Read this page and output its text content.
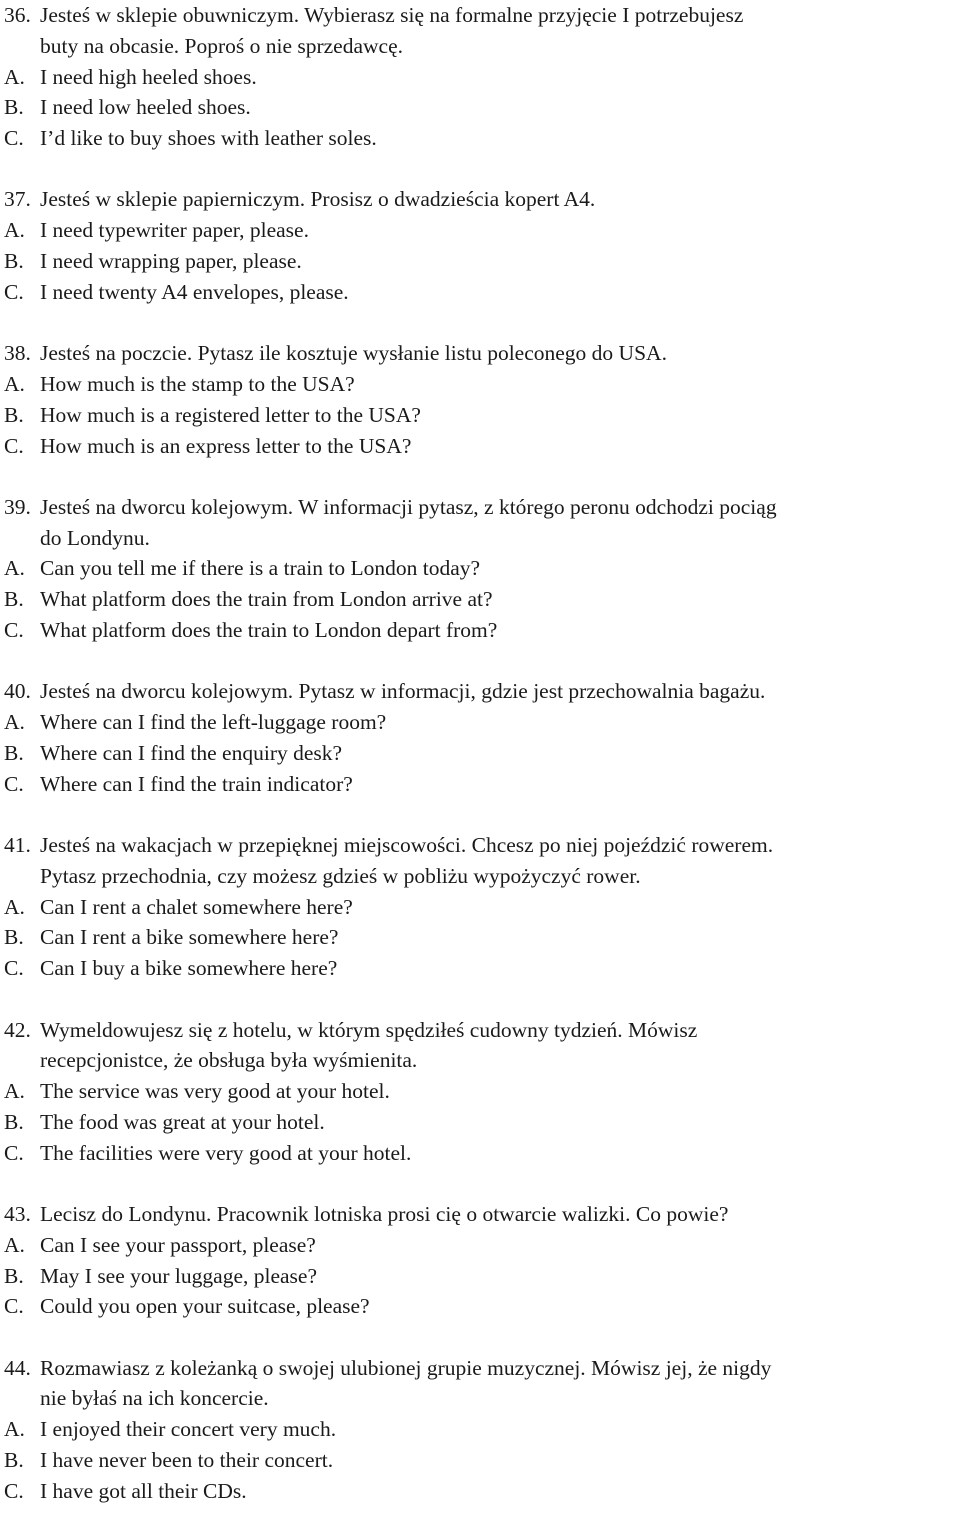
36. Jesteś w sklepie obuwniczym. Wybierasz się na formalne przyjęcie I potrzebujesz
buty na obcasie. Poproś o nie sprzedawcę.
A. I need high heeled shoes.
B. I need low heeled shoes.
C. I’d like to buy shoes with leather soles.
37. Jesteś w sklepie papierniczym. Prosisz o dwadzieścia kopert A4.
A. I need typewriter paper, please.
B. I need wrapping paper, please.
C. I need twenty A4 envelopes, please.
38. Jesteś na poczcie. Pytasz ile kosztuje wysłanie listu poleconego do USA.
A. How much is the stamp to the USA?
B. How much is a registered letter to the USA?
C. How much is an express letter to the USA?
39. Jesteś na dworcu kolejowym. W informacji pytasz, z którego peronu odchodzi pociąg
do Londynu.
A. Can you tell me if there is a train to London today?
B. What platform does the train from London arrive at?
C. What platform does the train to London depart from?
40. Jesteś na dworcu kolejowym. Pytasz w informacji, gdzie jest przechowalnia bagażu.
A. Where can I find the left-luggage room?
B. Where can I find the enquiry desk?
C. Where can I find the train indicator?
41. Jesteś na wakacjach w przepięknej miejscowości. Chcesz po niej pojeździć rowerem.
Pytasz przechodnia, czy możesz gdzieś w pobliżu wypożyczyć rower.
A. Can I rent a chalet somewhere here?
B. Can I rent a bike somewhere here?
C. Can I buy a bike somewhere here?
42. Wymeldowujesz się z hotelu, w którym spędziłeś cudowny tydzień. Mówisz
recepcjonistce, że obsługa była wyśmienita.
A. The service was very good at your hotel.
B. The food was great at your hotel.
C. The facilities were very good at your hotel.
43. Lecisz do Londynu. Pracownik lotniska prosi cię o otwarcie walizki. Co powie?
A. Can I see your passport, please?
B. May I see your luggage, please?
C. Could you open your suitcase, please?
44. Rozmawiasz z koleżanką o swojej ulubionej grupie muzycznej. Mówisz jej, że nigdy
nie byłaś na ich koncercie.
A. I enjoyed their concert very much.
B. I have never been to their concert.
C. I have got all their CDs.
